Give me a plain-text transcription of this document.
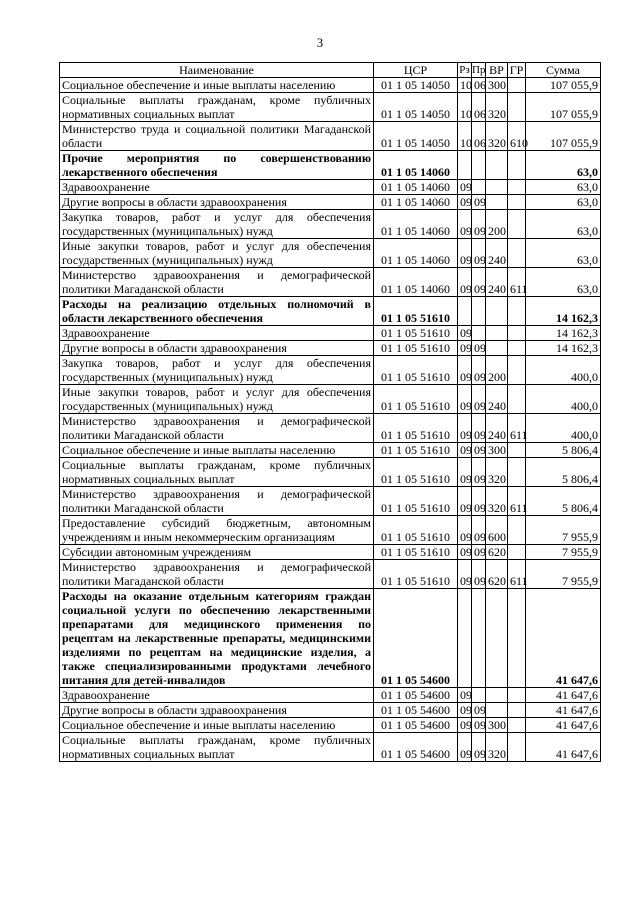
3
Наименование	ЦСР	Рз	Пр	ВР	ГР	Сумма
Социальное обеспечение и иные выплаты населению	01 1 05 14050	10	06	300		107 055,9
Социальные выплаты гражданам, кроме публичных нормативных социальных выплат	01 1 05 14050	10	06	320		107 055,9
Министерство труда и социальной политики Магаданской области	01 1 05 14050	10	06	320	610	107 055,9
Прочие мероприятия по совершенствованию лекарственного обеспечения	01 1 05 14060					63,0
Здравоохранение	01 1 05 14060	09				63,0
Другие вопросы в области здравоохранения	01 1 05 14060	09	09			63,0
Закупка товаров, работ и услуг для обеспечения государственных (муниципальных) нужд	01 1 05 14060	09	09	200		63,0
Иные закупки товаров, работ и услуг для обеспечения государственных (муниципальных) нужд	01 1 05 14060	09	09	240		63,0
Министерство здравоохранения и демографической политики Магаданской области	01 1 05 14060	09	09	240	611	63,0
Расходы на реализацию отдельных полномочий в области лекарственного обеспечения	01 1 05 51610					14 162,3
Здравоохранение	01 1 05 51610	09				14 162,3
Другие вопросы в области здравоохранения	01 1 05 51610	09	09			14 162,3
Закупка товаров, работ и услуг для обеспечения государственных (муниципальных) нужд	01 1 05 51610	09	09	200		400,0
Иные закупки товаров, работ и услуг для обеспечения государственных (муниципальных) нужд	01 1 05 51610	09	09	240		400,0
Министерство здравоохранения и демографической политики Магаданской области	01 1 05 51610	09	09	240	611	400,0
Социальное обеспечение и иные выплаты населению	01 1 05 51610	09	09	300		5 806,4
Социальные выплаты гражданам, кроме публичных нормативных социальных выплат	01 1 05 51610	09	09	320		5 806,4
Министерство здравоохранения и демографической политики Магаданской области	01 1 05 51610	09	09	320	611	5 806,4
Предоставление субсидий бюджетным, автономным учреждениям и иным некоммерческим организациям	01 1 05 51610	09	09	600		7 955,9
Субсидии автономным учреждениям	01 1 05 51610	09	09	620		7 955,9
Министерство здравоохранения и демографической политики Магаданской области	01 1 05 51610	09	09	620	611	7 955,9
Расходы на оказание отдельным категориям граждан социальной услуги по обеспечению лекарственными препаратами для медицинского применения по рецептам на лекарственные препараты, медицинскими изделиями по рецептам на медицинские изделия, а также специализированными продуктами лечебного питания для детей-инвалидов	01 1 05 54600					41 647,6
Здравоохранение	01 1 05 54600	09				41 647,6
Другие вопросы в области здравоохранения	01 1 05 54600	09	09			41 647,6
Социальное обеспечение и иные выплаты населению	01 1 05 54600	09	09	300		41 647,6
Социальные выплаты гражданам, кроме публичных нормативных социальных выплат	01 1 05 54600	09	09	320		41 647,6
